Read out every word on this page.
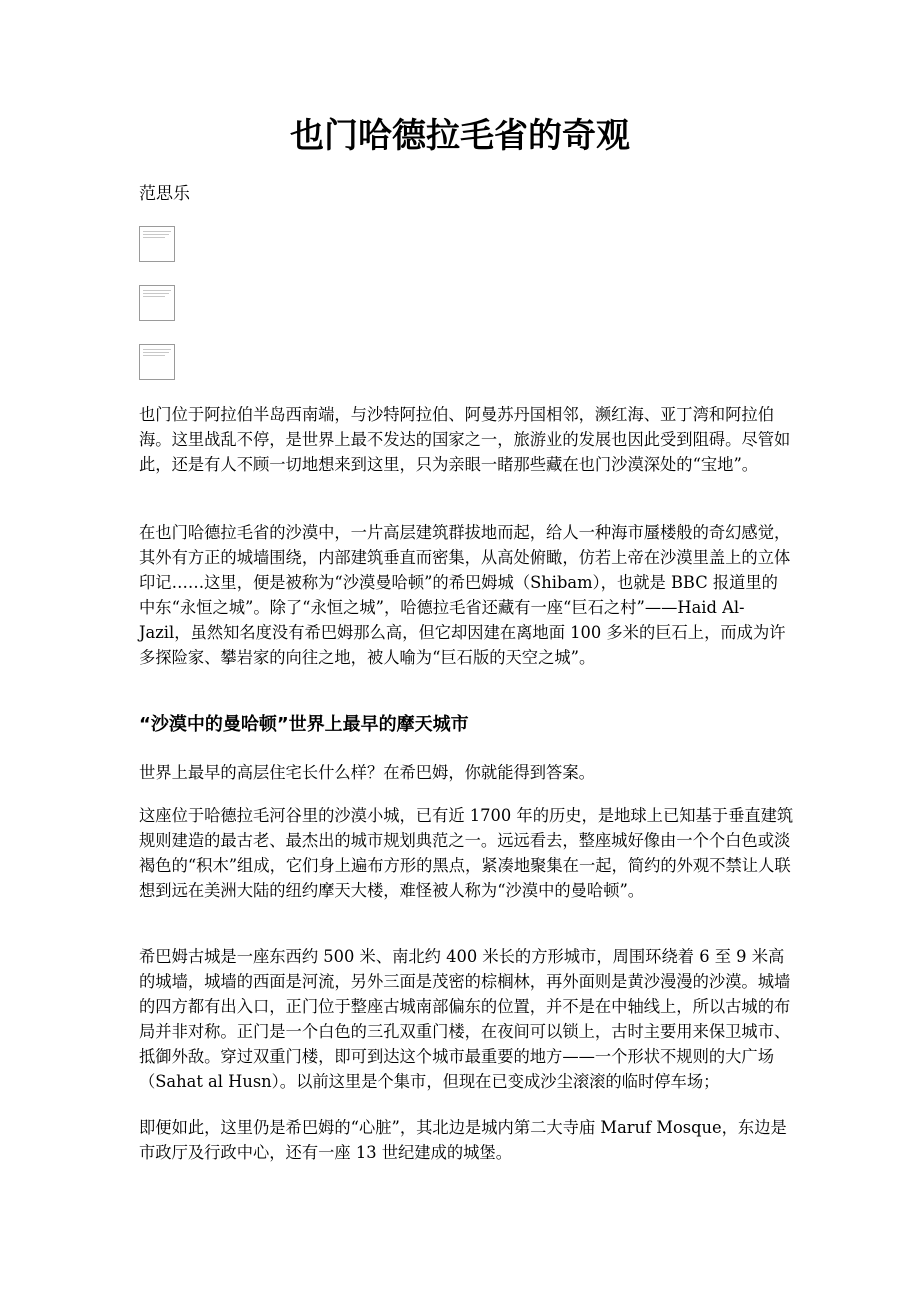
也门哈德拉毛省的奇观

范思乐

也门位于阿拉伯半岛西南端，与沙特阿拉伯、阿曼苏丹国相邻，濒红海、亚丁湾和阿拉伯海。这里战乱不停，是世界上最不发达的国家之一，旅游业的发展也因此受到阻碍。尽管如此，还是有人不顾一切地想来到这里，只为亲眼一睹那些藏在也门沙漠深处的“宝地”。

在也门哈德拉毛省的沙漠中，一片高层建筑群拔地而起，给人一种海市蜃楼般的奇幻感觉，其外有方正的城墙围绕，内部建筑垂直而密集，从高处俯瞰，仿若上帝在沙漠里盖上的立体印记……这里，便是被称为“沙漠曼哈顿”的希巴姆城（Shibam），也就是 BBC 报道里的中东“永恒之城”。除了“永恒之城”，哈德拉毛省还藏有一座“巨石之村”——Haid Al-Jazil，虽然知名度没有希巴姆那么高，但它却因建在离地面 100 多米的巨石上，而成为许多探险家、攀岩家的向往之地，被人喻为“巨石版的天空之城”。

“沙漠中的曼哈顿”世界上最早的摩天城市

世界上最早的高层住宅长什么样？在希巴姆，你就能得到答案。

这座位于哈德拉毛河谷里的沙漠小城，已有近 1700 年的历史，是地球上已知基于垂直建筑规则建造的最古老、最杰出的城市规划典范之一。远远看去，整座城好像由一个个白色或淡褐色的“积木”组成，它们身上遍布方形的黑点，紧凑地聚集在一起，简约的外观不禁让人联想到远在美洲大陆的纽约摩天大楼，难怪被人称为“沙漠中的曼哈顿”。

希巴姆古城是一座东西约 500 米、南北约 400 米长的方形城市，周围环绕着 6 至 9 米高的城墙，城墙的西面是河流，另外三面是茂密的棕榈林，再外面则是黄沙漫漫的沙漠。城墙的四方都有出入口，正门位于整座古城南部偏东的位置，并不是在中轴线上，所以古城的布局并非对称。正门是一个白色的三孔双重门楼，在夜间可以锁上，古时主要用来保卫城市、抵御外敌。穿过双重门楼，即可到达这个城市最重要的地方——一个形状不规则的大广场（Sahat al Husn）。以前这里是个集市，但现在已变成沙尘滚滚的临时停车场；

即便如此，这里仍是希巴姆的“心脏”，其北边是城内第二大寺庙 Maruf Mosque，东边是市政厅及行政中心，还有一座 13 世纪建成的城堡。
